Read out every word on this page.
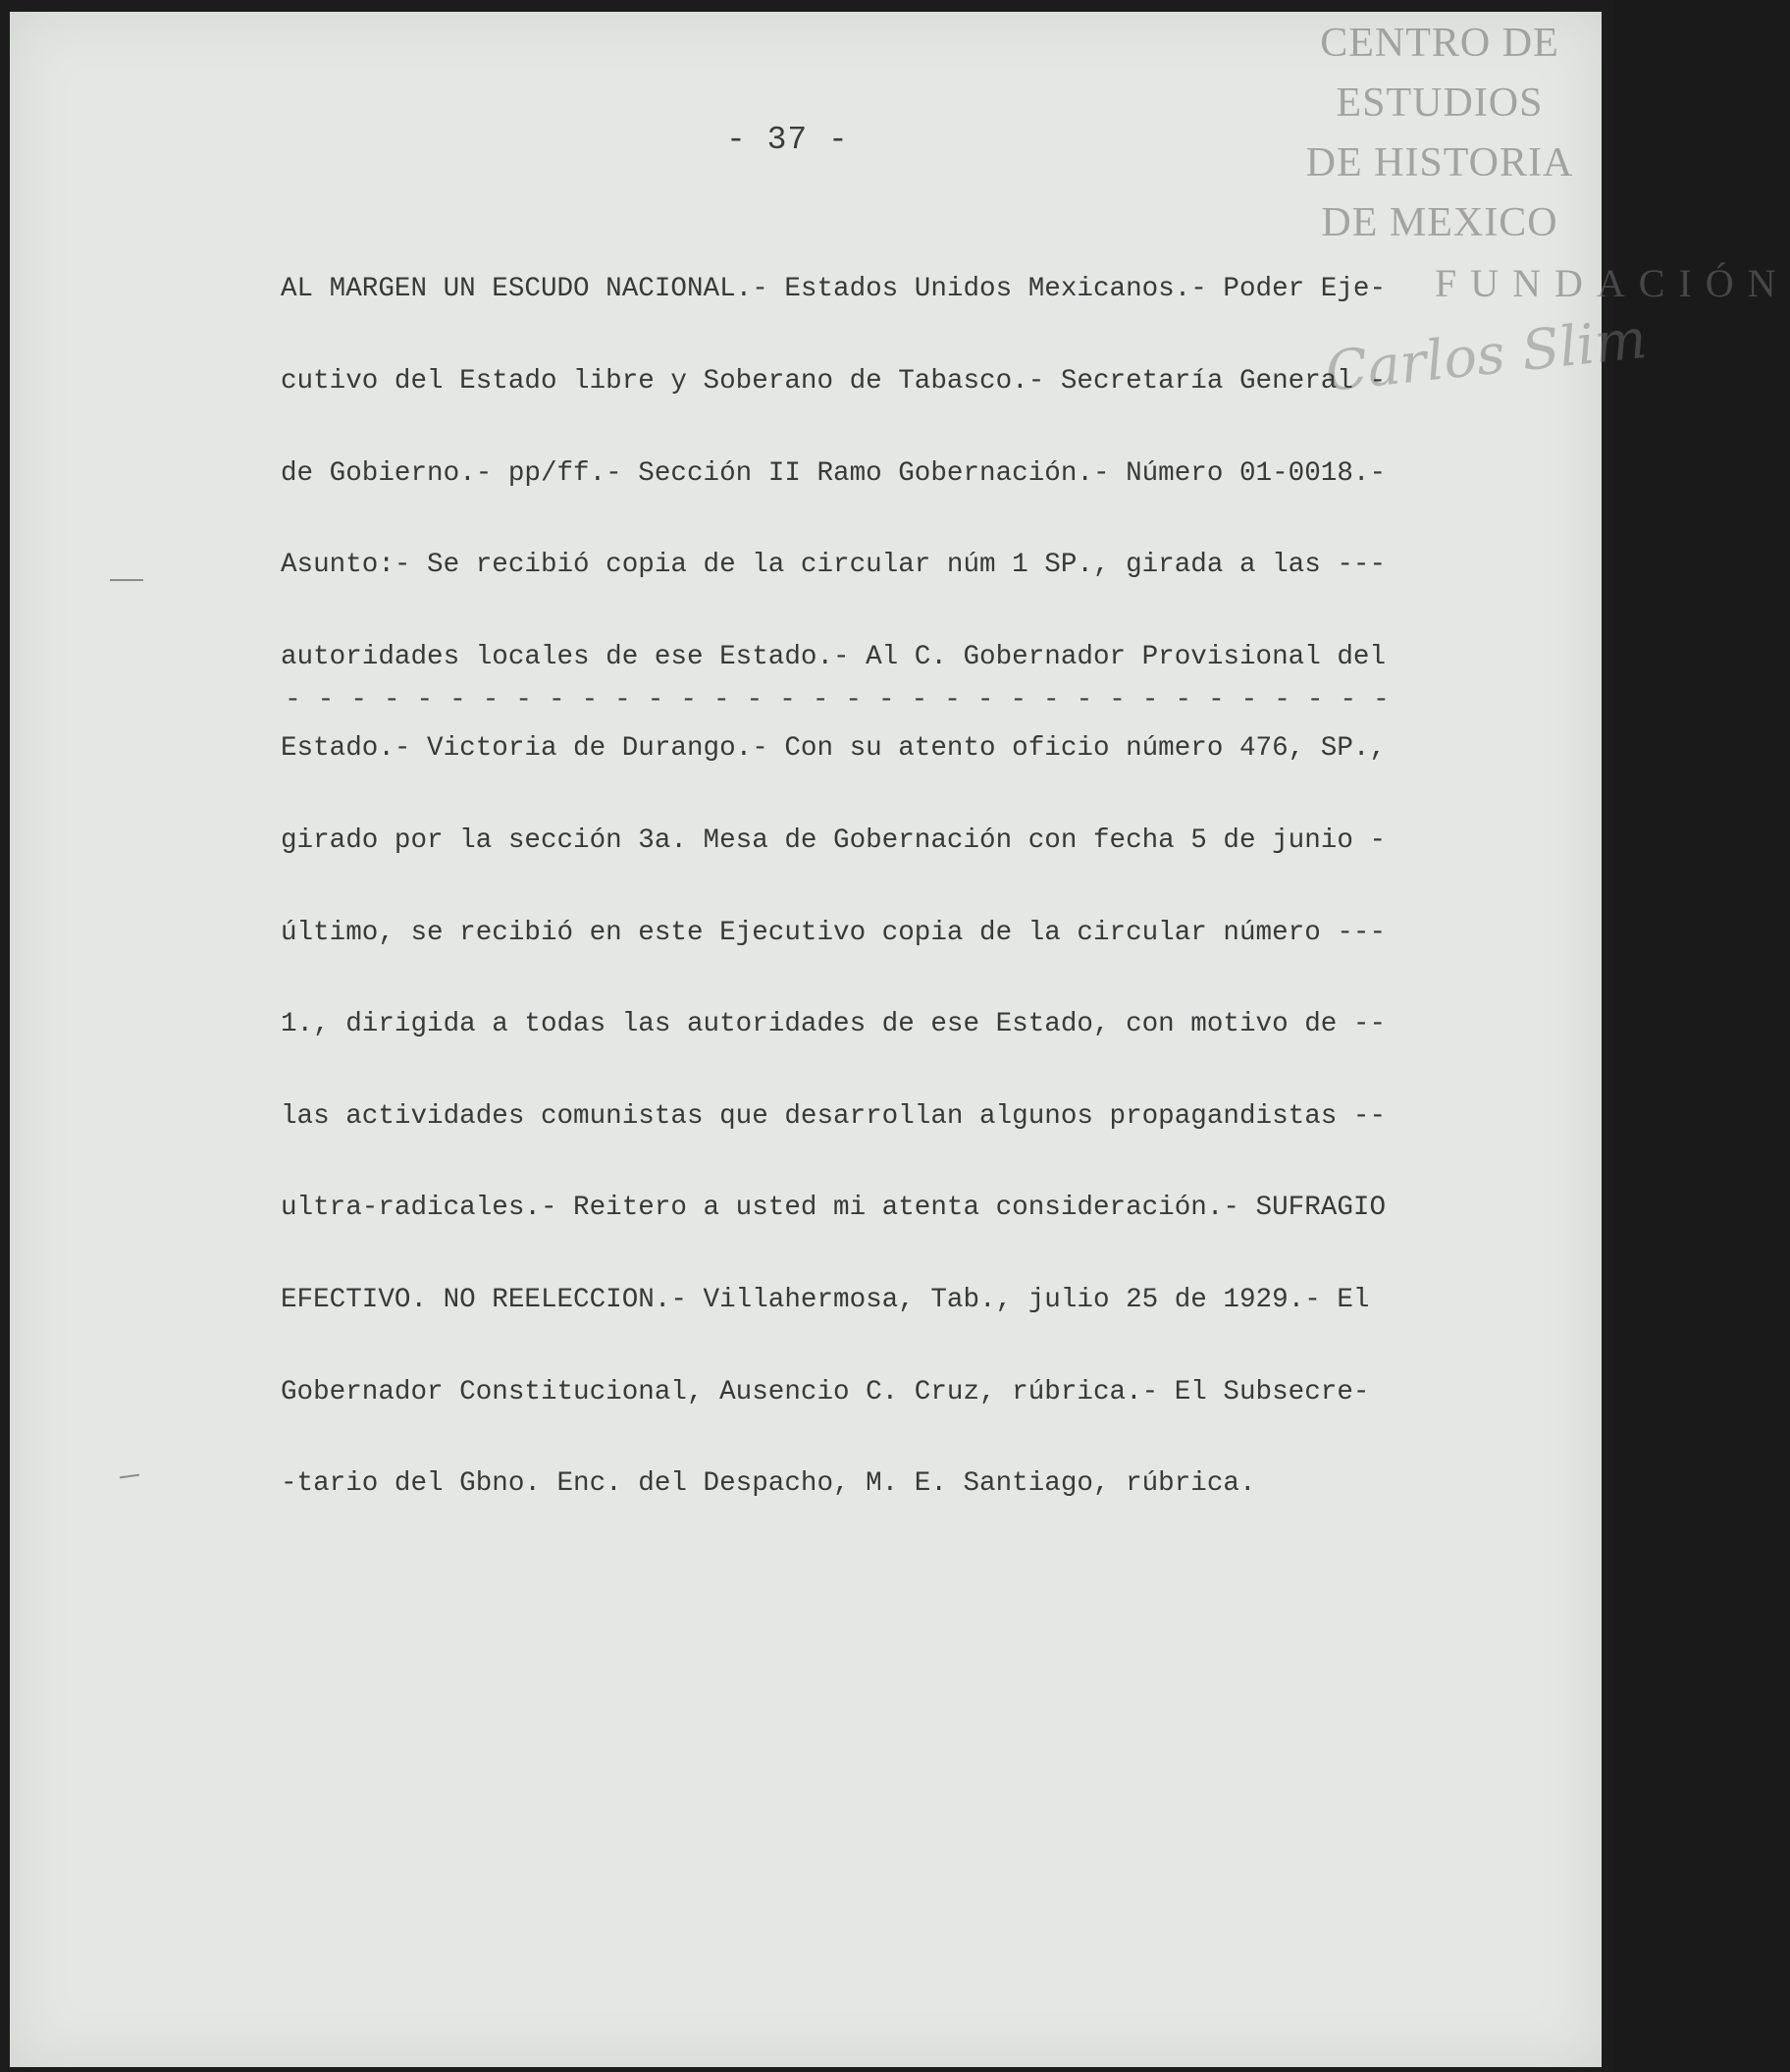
CENTRO DE
ESTUDIOS
DE HISTORIA
DE MEXICO
FUNDACIÓN
Carlos Slim
- 37 -

AL MARGEN UN ESCUDO NACIONAL.- Estados Unidos Mexicanos.- Poder Eje-

cutivo del Estado libre y Soberano de Tabasco.- Secretaría General -

de Gobierno.- pp/ff.- Sección II Ramo Gobernación.- Número 01-0018.-

Asunto:- Se recibió copia de la circular núm 1 SP., girada a las ---

autoridades locales de ese Estado.- Al C. Gobernador Provisional del

Estado.- Victoria de Durango.- Con su atento oficio número 476, SP.,

girado por la sección 3a. Mesa de Gobernación con fecha 5 de junio -

último, se recibió en este Ejecutivo copia de la circular número ---

1., dirigida a todas las autoridades de ese Estado, con motivo de --

las actividades comunistas que desarrollan algunos propagandistas --

ultra-radicales.- Reitero a usted mi atenta consideración.- SUFRAGIO

EFECTIVO. NO REELECCION.- Villahermosa, Tab., julio 25 de 1929.- El

Gobernador Constitucional, Ausencio C. Cruz, rúbrica.- El Subsecre-

-tario del Gbno. Enc. del Despacho, M. E. Santiago, rúbrica.

- - - - - - - - - - - - - - - - - - - - - - - - - - - - - - - - - -
